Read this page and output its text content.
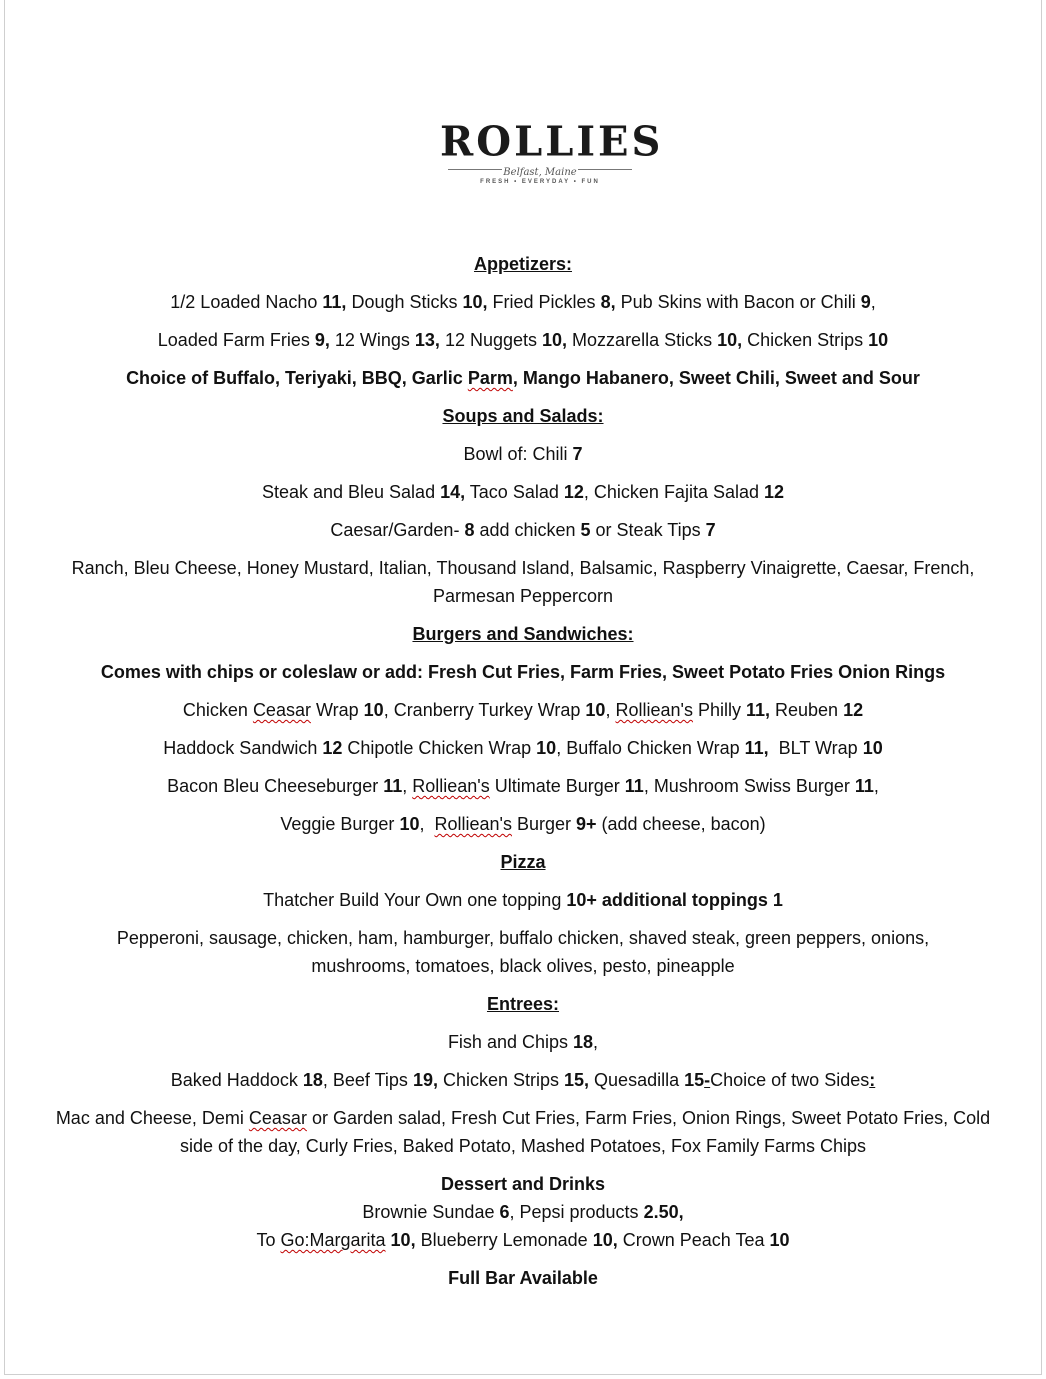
ROLLIES
Belfast, Maine
FRESH • EVERYDAY • FUN

Appetizers:

1/2 Loaded Nacho 11, Dough Sticks 10, Fried Pickles 8, Pub Skins with Bacon or Chili 9,

Loaded Farm Fries 9, 12 Wings 13, 12 Nuggets 10, Mozzarella Sticks 10, Chicken Strips 10

Choice of Buffalo, Teriyaki, BBQ, Garlic Parm, Mango Habanero, Sweet Chili, Sweet and Sour

Soups and Salads:

Bowl of: Chili 7

Steak and Bleu Salad 14, Taco Salad 12, Chicken Fajita Salad 12

Caesar/Garden- 8 add chicken 5 or Steak Tips 7

Ranch, Bleu Cheese, Honey Mustard, Italian, Thousand Island, Balsamic, Raspberry Vinaigrette, Caesar, French, Parmesan Peppercorn

Burgers and Sandwiches:

Comes with chips or coleslaw or add: Fresh Cut Fries, Farm Fries, Sweet Potato Fries Onion Rings

Chicken Ceasar Wrap 10, Cranberry Turkey Wrap 10, Rolliean's Philly 11, Reuben 12

Haddock Sandwich 12 Chipotle Chicken Wrap 10, Buffalo Chicken Wrap 11,  BLT Wrap 10

Bacon Bleu Cheeseburger 11, Rolliean's Ultimate Burger 11, Mushroom Swiss Burger 11,

Veggie Burger 10,  Rolliean's Burger 9+ (add cheese, bacon)

Pizza

Thatcher Build Your Own one topping 10+ additional toppings 1

Pepperoni, sausage, chicken, ham, hamburger, buffalo chicken, shaved steak, green peppers, onions, mushrooms, tomatoes, black olives, pesto, pineapple

Entrees:

Fish and Chips 18,

Baked Haddock 18, Beef Tips 19, Chicken Strips 15, Quesadilla 15-Choice of two Sides:

Mac and Cheese, Demi Ceasar or Garden salad, Fresh Cut Fries, Farm Fries, Onion Rings, Sweet Potato Fries, Cold side of the day, Curly Fries, Baked Potato, Mashed Potatoes, Fox Family Farms Chips

Dessert and Drinks

Brownie Sundae 6, Pepsi products 2.50,

To Go:Margarita 10, Blueberry Lemonade 10, Crown Peach Tea 10

Full Bar Available
